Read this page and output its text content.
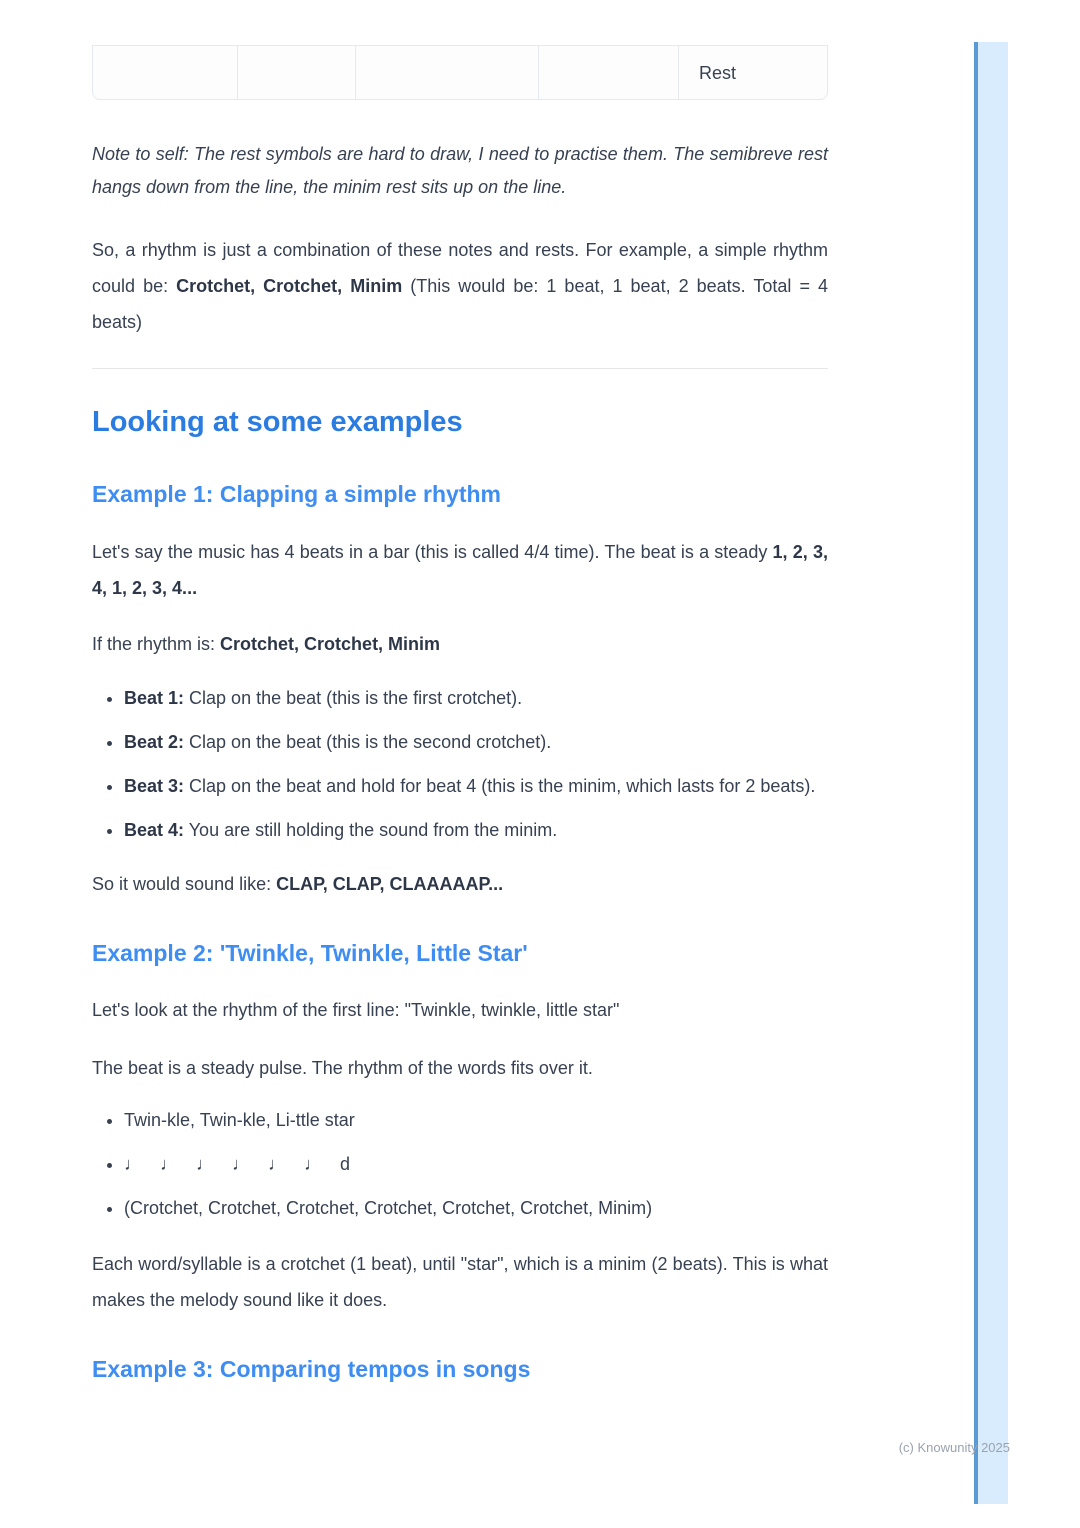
Rest

Note to self: The rest symbols are hard to draw, I need to practise them. The semibreve rest hangs down from the line, the minim rest sits up on the line.

So, a rhythm is just a combination of these notes and rests. For example, a simple rhythm could be: Crotchet, Crotchet, Minim (This would be: 1 beat, 1 beat, 2 beats. Total = 4 beats)

Looking at some examples
Example 1: Clapping a simple rhythm

Let's say the music has 4 beats in a bar (this is called 4/4 time). The beat is a steady 1, 2, 3, 4, 1, 2, 3, 4...

If the rhythm is: Crotchet, Crotchet, Minim

• Beat 1: Clap on the beat (this is the first crotchet).
• Beat 2: Clap on the beat (this is the second crotchet).
• Beat 3: Clap on the beat and hold for beat 4 (this is the minim, which lasts for 2 beats).
• Beat 4: You are still holding the sound from the minim.

So it would sound like: CLAP, CLAP, CLAAAAAP...

Example 2: 'Twinkle, Twinkle, Little Star'

Let's look at the rhythm of the first line: "Twinkle, twinkle, little star"

The beat is a steady pulse. The rhythm of the words fits over it.

• Twin-kle, Twin-kle, Li-ttle star
• ♩ ♩ ♩ ♩ ♩ ♩ d
• (Crotchet, Crotchet, Crotchet, Crotchet, Crotchet, Crotchet, Minim)

Each word/syllable is a crotchet (1 beat), until "star", which is a minim (2 beats). This is what makes the melody sound like it does.

Example 3: Comparing tempos in songs
(c) Knowunity 2025
